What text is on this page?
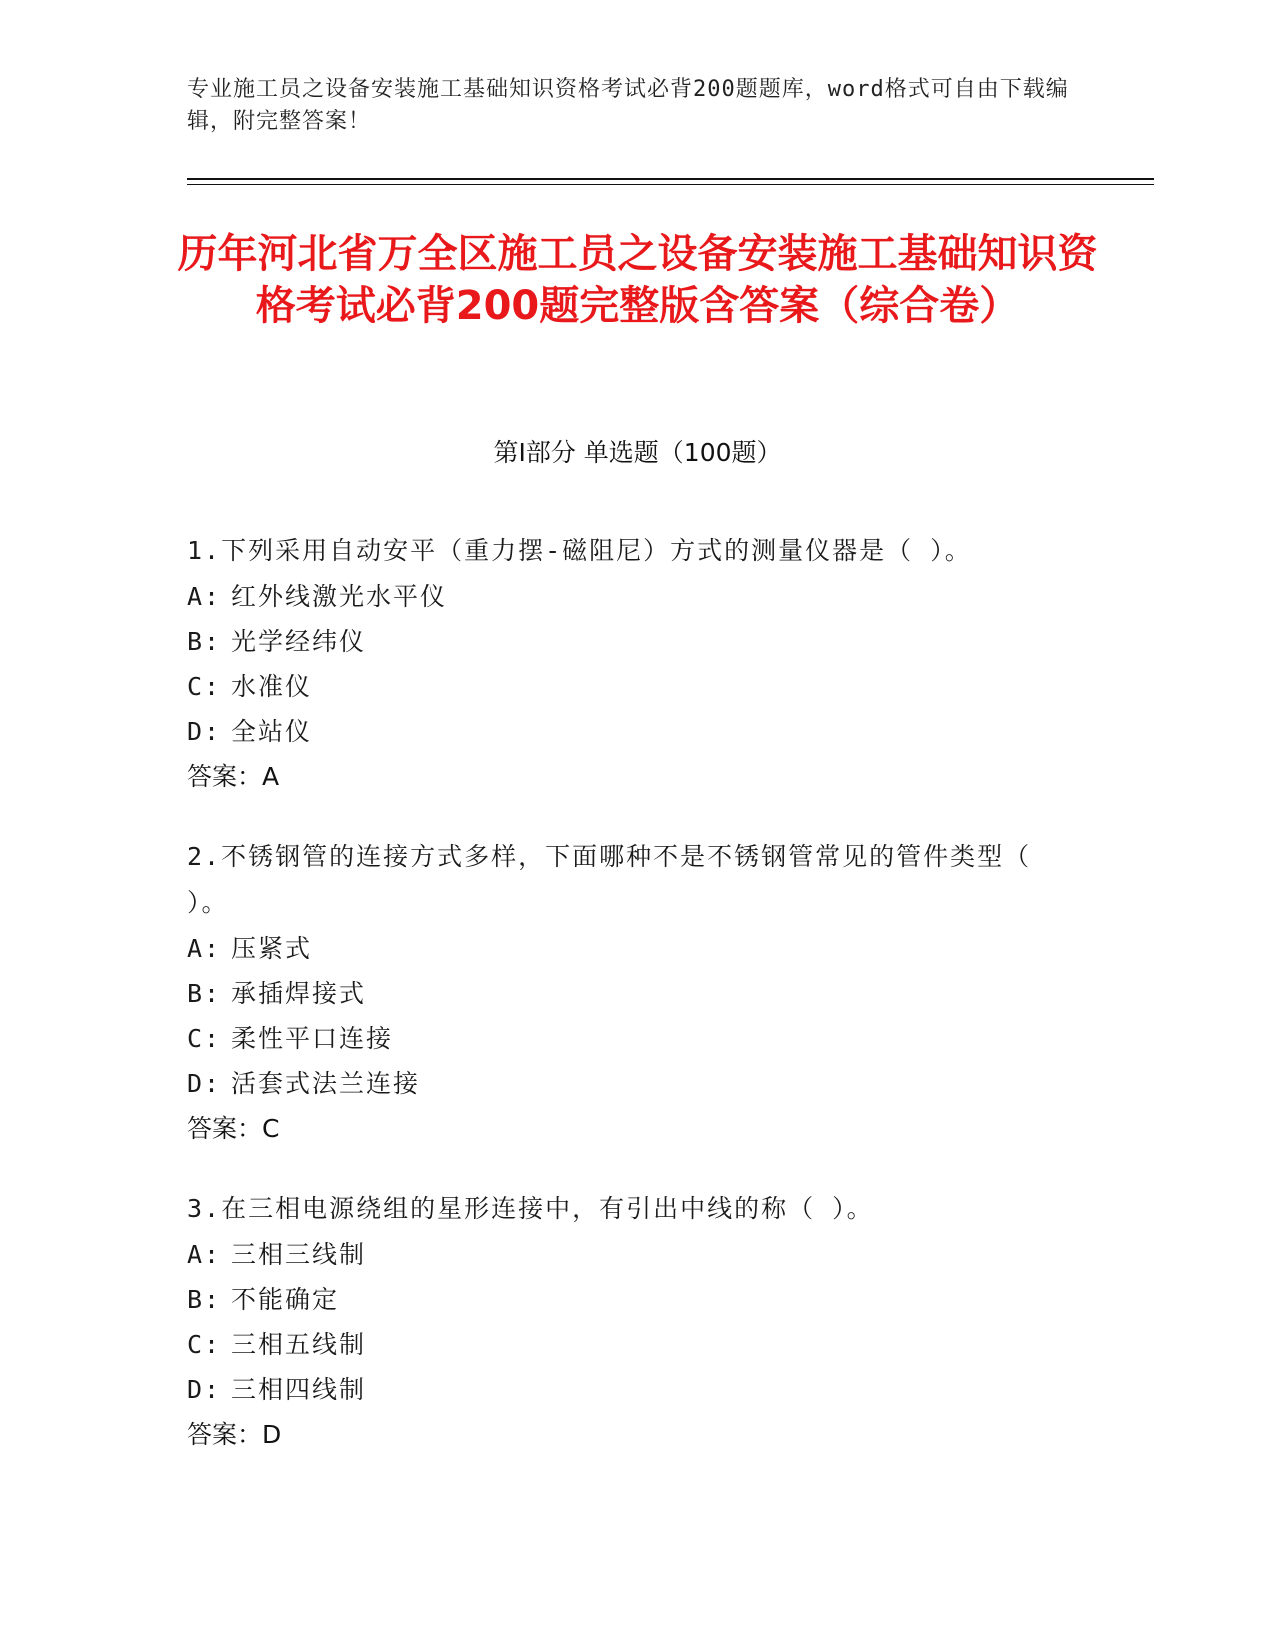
专业施工员之设备安装施工基础知识资格考试必背200题题库，word格式可自由下载编辑，附完整答案！
历年河北省万全区施工员之设备安装施工基础知识资格考试必背200题完整版含答案（综合卷）
第Ⅰ部分 单选题（100题）
1.下列采用自动安平（重力摆-磁阻尼）方式的测量仪器是（ ）。
A: 红外线激光水平仪
B: 光学经纬仪
C: 水准仪
D: 全站仪
答案：A
2.不锈钢管的连接方式多样，下面哪种不是不锈钢管常见的管件类型（ ）。
A: 压紧式
B: 承插焊接式
C: 柔性平口连接
D: 活套式法兰连接
答案：C
3.在三相电源绕组的星形连接中，有引出中线的称（ ）。
A: 三相三线制
B: 不能确定
C: 三相五线制
D: 三相四线制
答案：D
